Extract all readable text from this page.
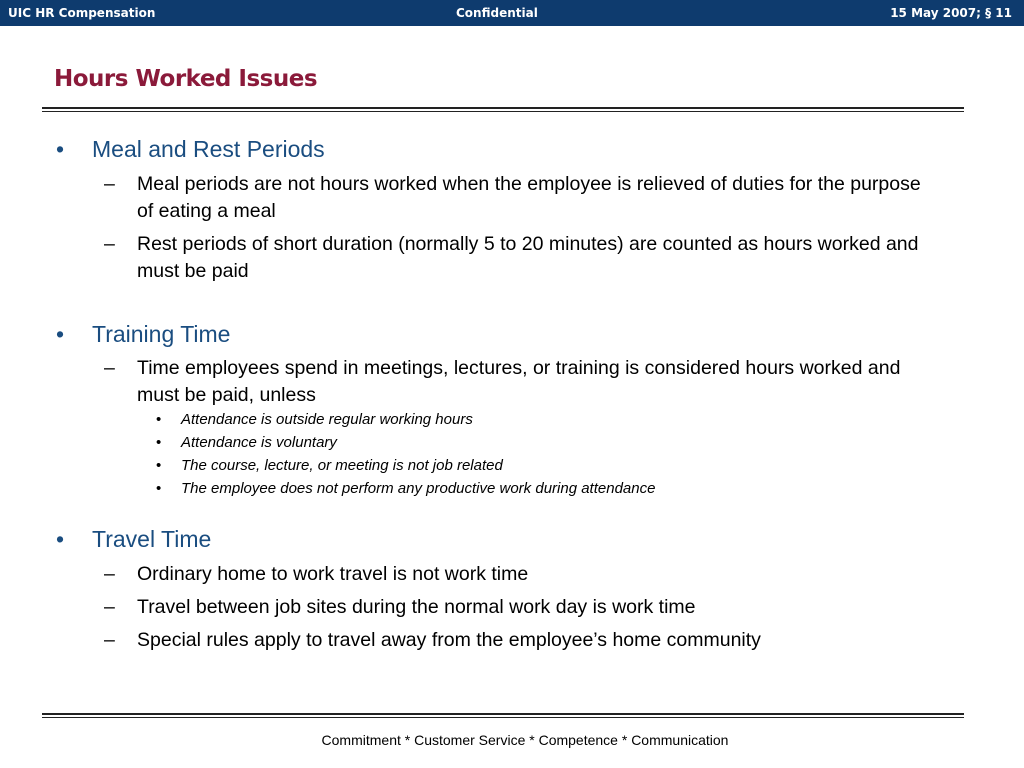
UIC HR Compensation	Confidential	15 May 2007; § 11
Hours Worked Issues
• Meal and Rest Periods
– Meal periods are not hours worked when the employee is relieved of duties for the purpose of eating a meal
– Rest periods of short duration (normally 5 to 20 minutes) are counted as hours worked and must be paid
• Training Time
– Time employees spend in meetings, lectures, or training is considered hours worked and must be paid, unless
• Attendance is outside regular working hours
• Attendance is voluntary
• The course, lecture, or meeting is not job related
• The employee does not perform any productive work during attendance
• Travel Time
– Ordinary home to work travel is not work time
– Travel between job sites during the normal work day is work time
– Special rules apply to travel away from the employee’s home community
Commitment * Customer Service * Competence * Communication
